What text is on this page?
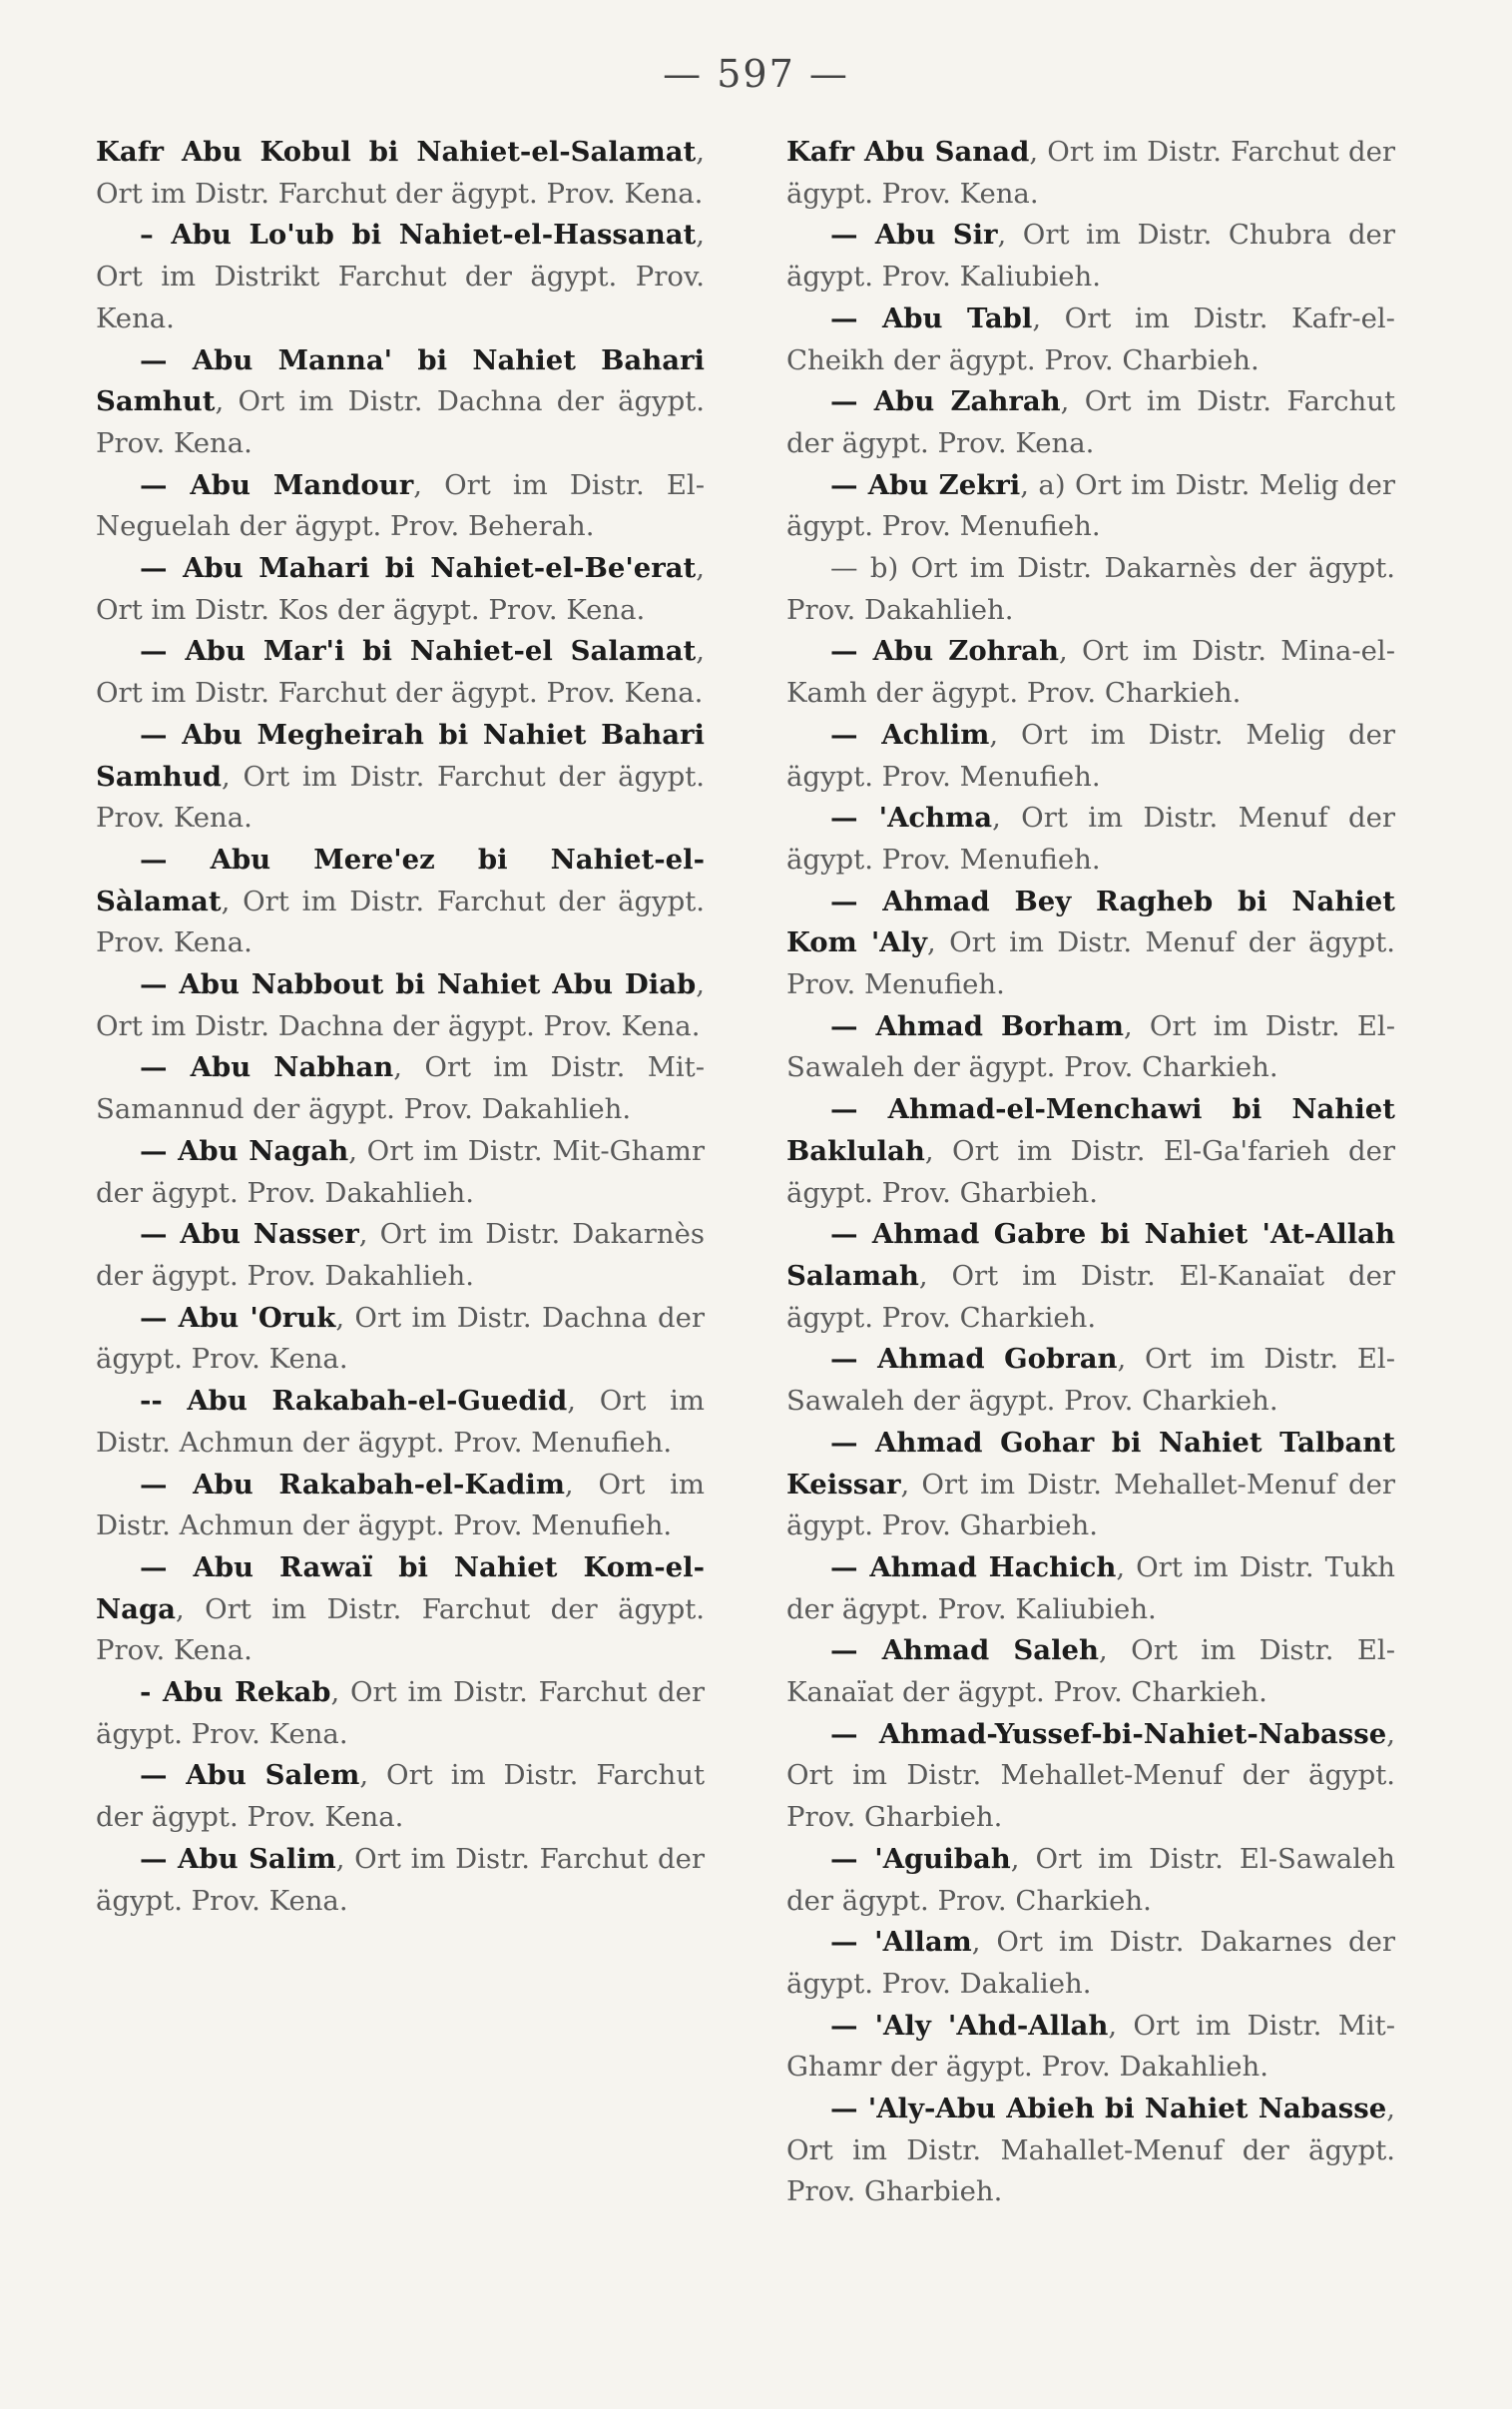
— 597 —

Kafr Abu Kobul bi Nahiet-el-Salamat, Ort im Distr. Farchut der ägypt. Prov. Kena.

– Abu Lo'ub bi Nahiet-el-Hassanat, Ort im Distrikt Farchut der ägypt. Prov. Kena.

— Abu Manna' bi Nahiet Bahari Samhut, Ort im Distr. Dachna der ägypt. Prov. Kena.

— Abu Mandour, Ort im Distr. El-Neguelah der ägypt. Prov. Beherah.

— Abu Mahari bi Nahiet-el-Be'erat, Ort im Distr. Kos der ägypt. Prov. Kena.

— Abu Mar'i bi Nahiet-el Salamat, Ort im Distr. Farchut der ägypt. Prov. Kena.

— Abu Megheirah bi Nahiet Bahari Samhud, Ort im Distr. Farchut der ägypt. Prov. Kena.

— Abu Mere'ez bi Nahiet-el-Sàlamat, Ort im Distr. Farchut der ägypt. Prov. Kena.

— Abu Nabbout bi Nahiet Abu Diab, Ort im Distr. Dachna der ägypt. Prov. Kena.

— Abu Nabhan, Ort im Distr. Mit-Samannud der ägypt. Prov. Dakahlieh.

— Abu Nagah, Ort im Distr. Mit-Ghamr der ägypt. Prov. Dakahlieh.

— Abu Nasser, Ort im Distr. Dakarnès der ägypt. Prov. Dakahlieh.

— Abu 'Oruk, Ort im Distr. Dachna der ägypt. Prov. Kena.

-- Abu Rakabah-el-Guedid, Ort im Distr. Achmun der ägypt. Prov. Menufieh.

— Abu Rakabah-el-Kadim, Ort im Distr. Achmun der ägypt. Prov. Menufieh.

— Abu Rawaï bi Nahiet Kom-el-Naga, Ort im Distr. Farchut der ägypt. Prov. Kena.

- Abu Rekab, Ort im Distr. Farchut der ägypt. Prov. Kena.

— Abu Salem, Ort im Distr. Farchut der ägypt. Prov. Kena.

— Abu Salim, Ort im Distr. Farchut der ägypt. Prov. Kena.

Kafr Abu Sanad, Ort im Distr. Farchut der ägypt. Prov. Kena.

— Abu Sir, Ort im Distr. Chubra der ägypt. Prov. Kaliubieh.

— Abu Tabl, Ort im Distr. Kafr-el-Cheikh der ägypt. Prov. Charbieh.

— Abu Zahrah, Ort im Distr. Farchut der ägypt. Prov. Kena.

— Abu Zekri, a) Ort im Distr. Melig der ägypt. Prov. Menufieh.

— b) Ort im Distr. Dakarnès der ägypt. Prov. Dakahlieh.

— Abu Zohrah, Ort im Distr. Mina-el-Kamh der ägypt. Prov. Charkieh.

— Achlim, Ort im Distr. Melig der ägypt. Prov. Menufieh.

— 'Achma, Ort im Distr. Menuf der ägypt. Prov. Menufieh.

— Ahmad Bey Ragheb bi Nahiet Kom 'Aly, Ort im Distr. Menuf der ägypt. Prov. Menufieh.

— Ahmad Borham, Ort im Distr. El-Sawaleh der ägypt. Prov. Charkieh.

— Ahmad-el-Menchawi bi Nahiet Baklulah, Ort im Distr. El-Ga'farieh der ägypt. Prov. Gharbieh.

— Ahmad Gabre bi Nahiet 'At-Allah Salamah, Ort im Distr. El-Kanaïat der ägypt. Prov. Charkieh.

— Ahmad Gobran, Ort im Distr. El-Sawaleh der ägypt. Prov. Charkieh.

— Ahmad Gohar bi Nahiet Talbant Keissar, Ort im Distr. Mehallet-Menuf der ägypt. Prov. Gharbieh.

— Ahmad Hachich, Ort im Distr. Tukh der ägypt. Prov. Kaliubieh.

— Ahmad Saleh, Ort im Distr. El-Kanaïat der ägypt. Prov. Charkieh.

— Ahmad-Yussef-bi-Nahiet-Nabasse, Ort im Distr. Mehallet-Menuf der ägypt. Prov. Gharbieh.

— 'Aguibah, Ort im Distr. El-Sawaleh der ägypt. Prov. Charkieh.

— 'Allam, Ort im Distr. Dakarnes der ägypt. Prov. Dakalieh.

— 'Aly 'Ahd-Allah, Ort im Distr. Mit-Ghamr der ägypt. Prov. Dakahlieh.

— 'Aly-Abu Abieh bi Nahiet Nabasse, Ort im Distr. Mahallet-Menuf der ägypt. Prov. Gharbieh.
